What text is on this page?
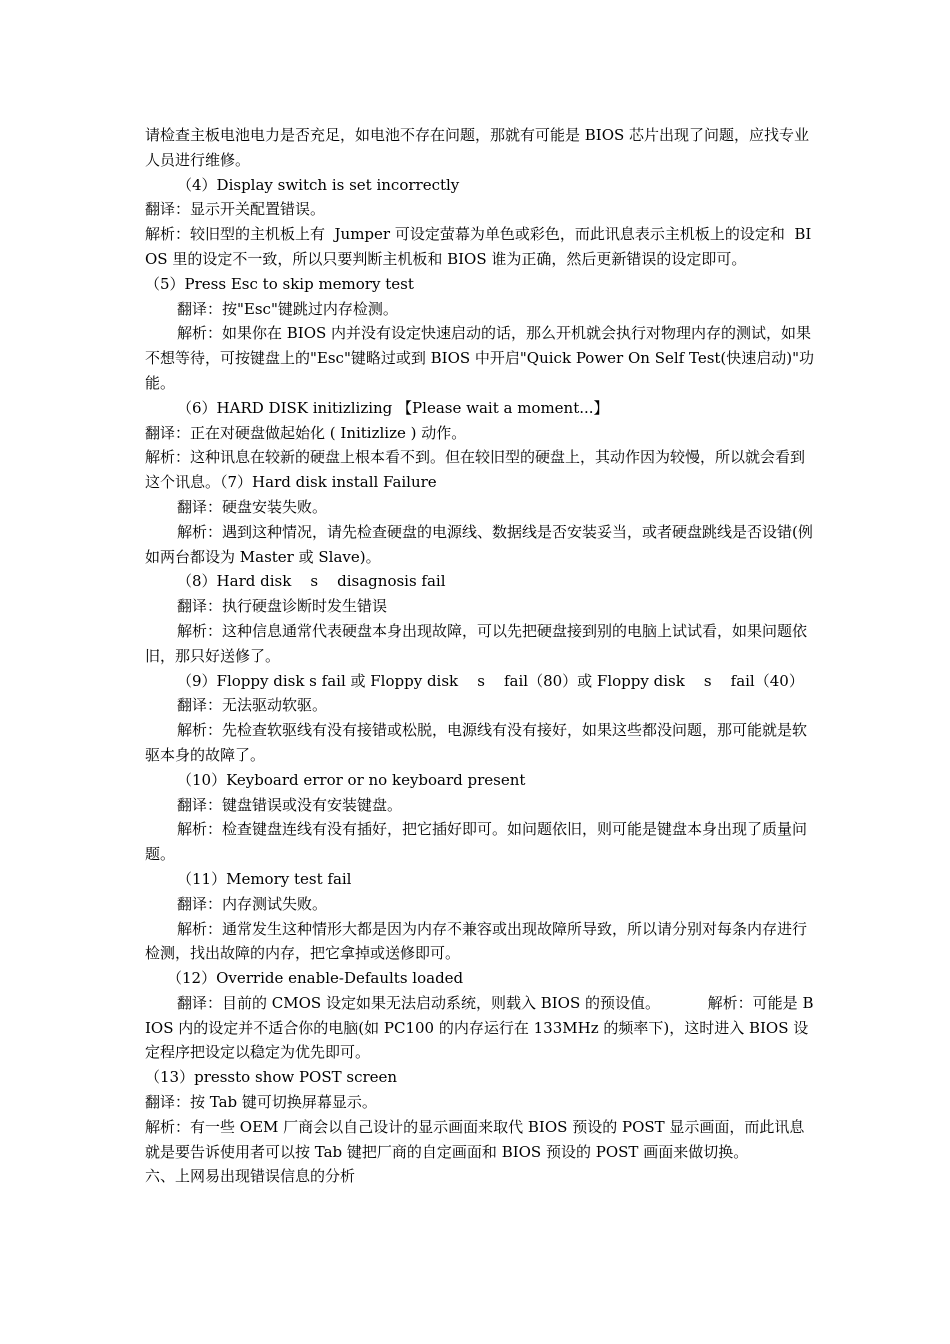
请检查主板电池电力是否充足，如电池不存在问题，那就有可能是 BIOS 芯片出现了问题，应找专业人员进行维修。

（4）Display switch is set incorrectly

翻译：显示开关配置错误。

解析：较旧型的主机板上有  Jumper 可设定萤幕为单色或彩色，而此讯息表示主机板上的设定和  BIOS 里的设定不一致，所以只要判断主机板和 BIOS 谁为正确，然后更新错误的设定即可。

（5）Press Esc to skip memory test

翻译：按"Esc"键跳过内存检测。

解析：如果你在 BIOS 内并没有设定快速启动的话，那么开机就会执行对物理内存的测试，如果不想等待，可按键盘上的"Esc"键略过或到 BIOS 中开启"Quick Power On Self Test(快速启动)"功能。

（6）HARD DISK initizlizing 【Please wait a moment...】

翻译：正在对硬盘做起始化 ( Initizlize ) 动作。

解析：这种讯息在较新的硬盘上根本看不到。但在较旧型的硬盘上，其动作因为较慢，所以就会看到这个讯息。（7）Hard disk install Failure

翻译：硬盘安装失败。

解析：遇到这种情况，请先检查硬盘的电源线、数据线是否安装妥当，或者硬盘跳线是否设错(例如两台都设为 Master 或 Slave)。

（8）Hard disk    s    disagnosis fail

翻译：执行硬盘诊断时发生错误

解析：这种信息通常代表硬盘本身出现故障，可以先把硬盘接到别的电脑上试试看，如果问题依旧，那只好送修了。

（9）Floppy disk s fail 或 Floppy disk    s    fail（80）或 Floppy disk    s    fail（40）

翻译：无法驱动软驱。

解析：先检查软驱线有没有接错或松脱，电源线有没有接好，如果这些都没问题，那可能就是软驱本身的故障了。

（10）Keyboard error or no keyboard present

翻译：键盘错误或没有安装键盘。

解析：检查键盘连线有没有插好，把它插好即可。如问题依旧，则可能是键盘本身出现了质量问题。

（11）Memory test fail

翻译：内存测试失败。

解析：通常发生这种情形大都是因为内存不兼容或出现故障所导致，所以请分别对每条内存进行检测，找出故障的内存，把它拿掉或送修即可。

（12）Override enable-Defaults loaded

翻译：目前的 CMOS 设定如果无法启动系统，则载入 BIOS 的预设值。          解析：可能是 BIOS 内的设定并不适合你的电脑(如 PC100 的内存运行在 133MHz 的频率下)，这时进入 BIOS 设定程序把设定以稳定为优先即可。

（13）pressto show POST screen

翻译：按 Tab 键可切换屏幕显示。

解析：有一些 OEM 厂商会以自己设计的显示画面来取代 BIOS 预设的 POST 显示画面，而此讯息就是要告诉使用者可以按 Tab 键把厂商的自定画面和 BIOS 预设的 POST 画面来做切换。

六、上网易出现错误信息的分析
